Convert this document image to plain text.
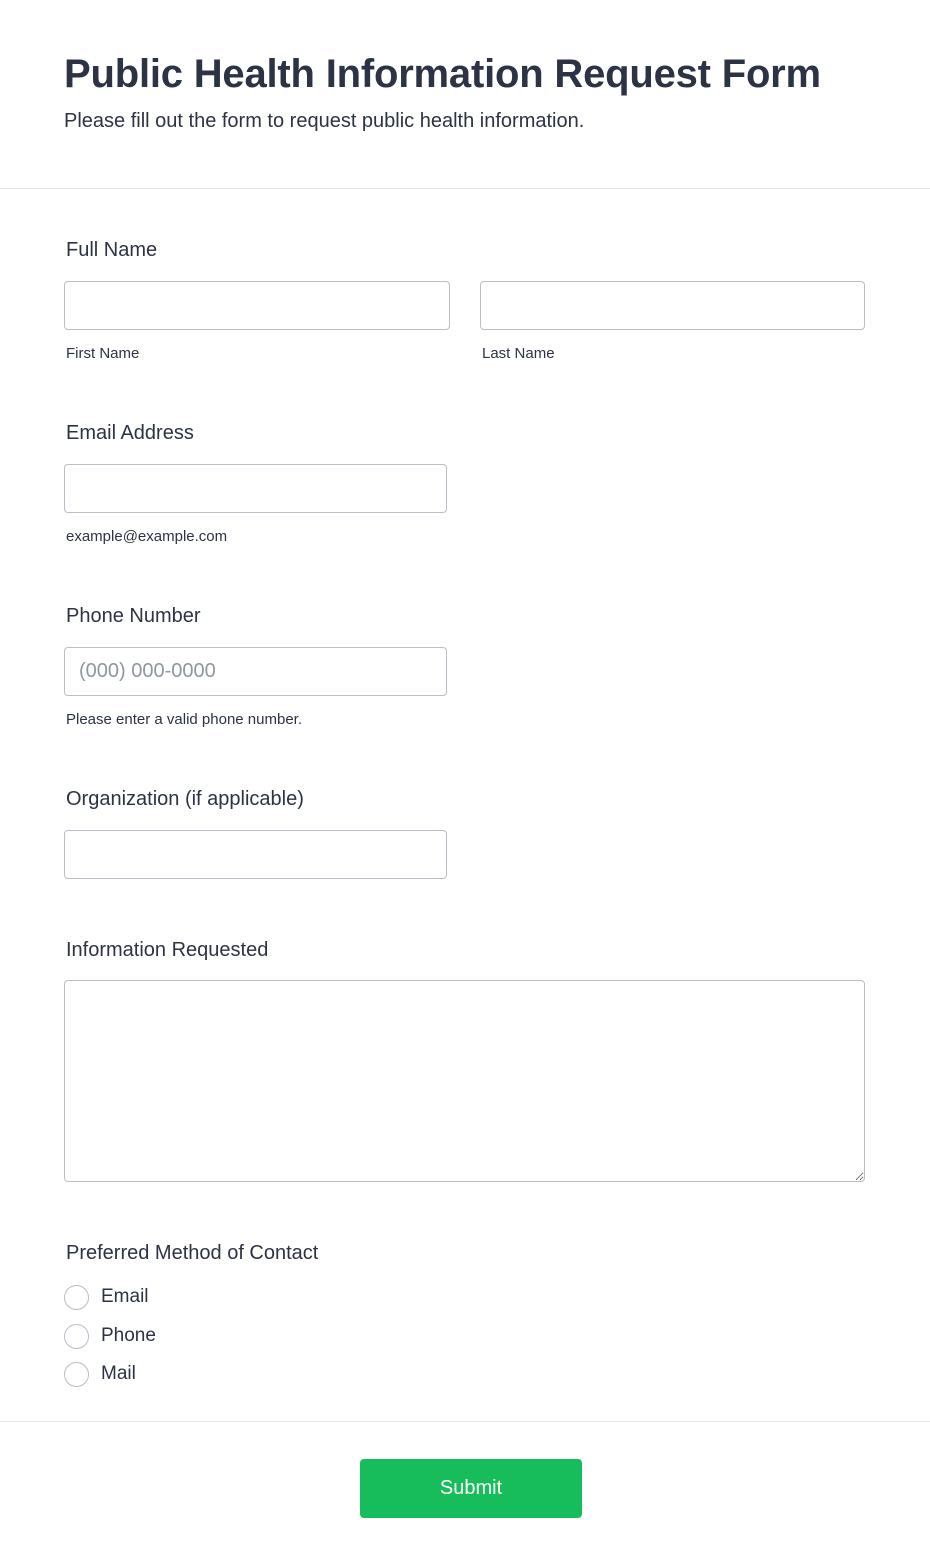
Public Health Information Request Form

Please fill out the form to request public health information.

Full Name
First Name	Last Name
Email Address
example@example.com
Phone Number
(000) 000-0000
Please enter a valid phone number.
Organization (if applicable)
Information Requested
Preferred Method of Contact
Email
Phone
Mail
Submit
